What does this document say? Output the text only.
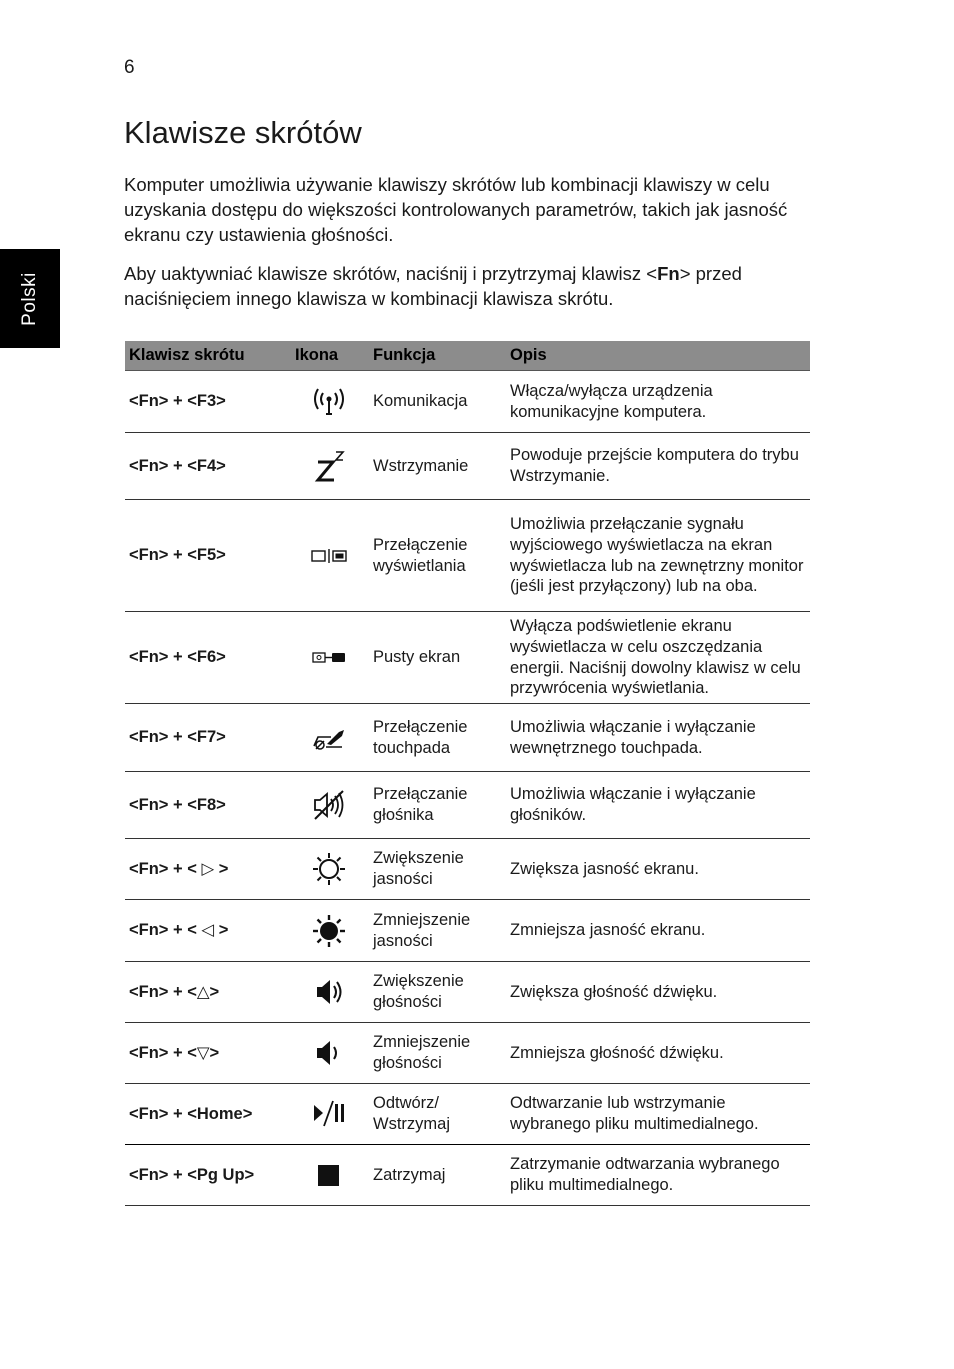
6
Polski
Klawisze skrótów

Komputer umożliwia używanie klawiszy skrótów lub kombinacji klawiszy w celu uzyskania dostępu do większości kontrolowanych parametrów, takich jak jasność ekranu czy ustawienia głośności.

Aby uaktywniać klawisze skrótów, naciśnij i przytrzymaj klawisz <Fn> przed naciśnięciem innego klawisza w kombinacji klawisza skrótu.

Klawisz skrótu	Ikona	Funkcja	Opis
<Fn> + <F3>		Komunikacja	Włącza/wyłącza urządzenia komunikacyjne komputera.
<Fn> + <F4>		Wstrzymanie	Powoduje przejście komputera do trybu Wstrzymanie.
<Fn> + <F5>		Przełączenie wyświetlania	Umożliwia przełączanie sygnału wyjściowego wyświetlacza na ekran wyświetlacza lub na zewnętrzny monitor (jeśli jest przyłączony) lub na oba.
<Fn> + <F6>		Pusty ekran	Wyłącza podświetlenie ekranu wyświetlacza w celu oszczędzania energii. Naciśnij dowolny klawisz w celu przywrócenia wyświetlania.
<Fn> + <F7>		Przełączenie touchpada	Umożliwia włączanie i wyłączanie wewnętrznego touchpada.
<Fn> + <F8>		Przełączanie głośnika	Umożliwia włączanie i wyłączanie głośników.
<Fn> + < ▷ >		Zwiększenie jasności	Zwiększa jasność ekranu.
<Fn> + < ◁ >		Zmniejszenie jasności	Zmniejsza jasność ekranu.
<Fn> + <△>		Zwiększenie głośności	Zwiększa głośność dźwięku.
<Fn> + <▽>		Zmniejszenie głośności	Zmniejsza głośność dźwięku.
<Fn> + <Home>		Odtwórz/ Wstrzymaj	Odtwarzanie lub wstrzymanie wybranego pliku multimedialnego.
<Fn> + <Pg Up>		Zatrzymaj	Zatrzymanie odtwarzania wybranego pliku multimedialnego.
